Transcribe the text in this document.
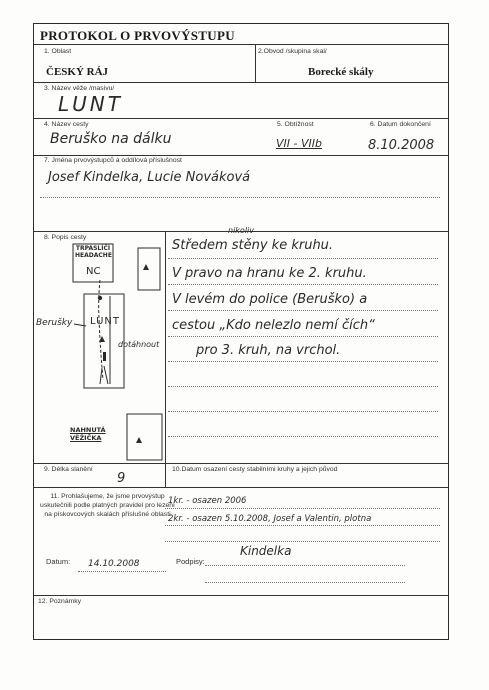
PROTOKOL O PRVOVÝSTUPU
1. Oblast	2.Obvod /skupina skal/
ČESKÝ RÁJ	Borecké skály
3. Název věže /masivu/
LUNT
4. Název cesty	5. Obtížnost	6. Datum dokončení
Beruško na dálku	VII - VIIb	8.10.2008
7. Jména prvovýstupců a oddílová příslušnost
Josef Kindelka, Lucie Nováková
8. Popis cesty
Středem stěny ke kruhu.
nikoliv
V pravo na hranu ke 2. kruhu.
V levém do police (Beruško) a
cestou „Kdo nelezlo nemí čích“
pro 3. kruh, na vrchol.
TRPASLÍČÍ HEADACHE
NC
Berušky LUNT
dotáhnout
NAHNUTÁ VĚŽIČKA
9. Délka slanění
9
10.Datum osazení cesty stabilními kruhy a jejich původ
11. Prohlašujeme, že jsme prvovýstup uskutečnili podle platných pravidel pro lezení na pískovcových skalách příslušné oblasti
1kr. - osazen 2006
2kr. - osazen 5.10.2008, Josef a Valentin, plotna
Datum: 14.10.2008	Podpisy:
Kindelka
12. Poznámky
